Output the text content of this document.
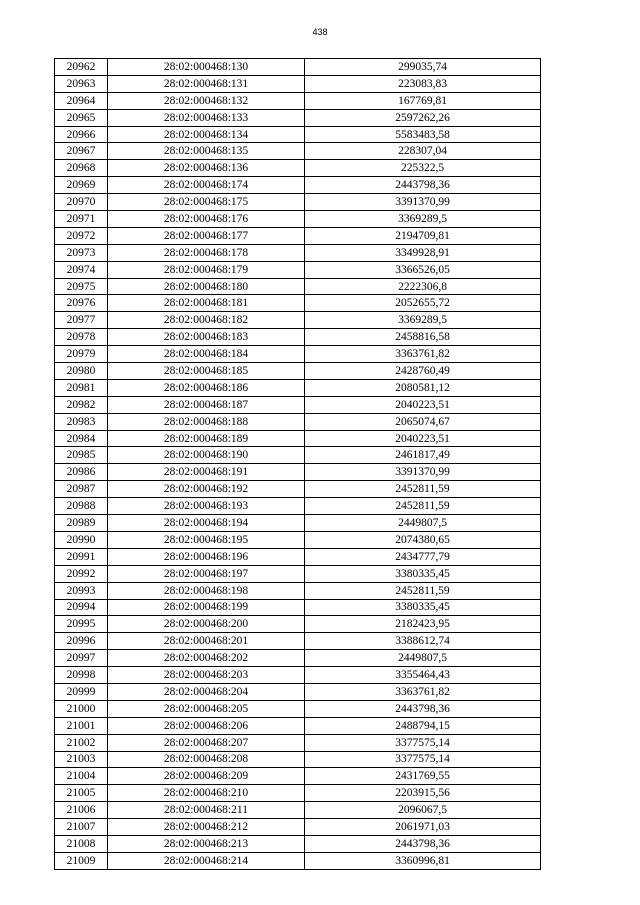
438
20962	28:02:000468:130	299035,74
20963	28:02:000468:131	223083,83
20964	28:02:000468:132	167769,81
20965	28:02:000468:133	2597262,26
20966	28:02:000468:134	5583483,58
20967	28:02:000468:135	228307,04
20968	28:02:000468:136	225322,5
20969	28:02:000468:174	2443798,36
20970	28:02:000468:175	3391370,99
20971	28:02:000468:176	3369289,5
20972	28:02:000468:177	2194709,81
20973	28:02:000468:178	3349928,91
20974	28:02:000468:179	3366526,05
20975	28:02:000468:180	2222306,8
20976	28:02:000468:181	2052655,72
20977	28:02:000468:182	3369289,5
20978	28:02:000468:183	2458816,58
20979	28:02:000468:184	3363761,82
20980	28:02:000468:185	2428760,49
20981	28:02:000468:186	2080581,12
20982	28:02:000468:187	2040223,51
20983	28:02:000468:188	2065074,67
20984	28:02:000468:189	2040223,51
20985	28:02:000468:190	2461817,49
20986	28:02:000468:191	3391370,99
20987	28:02:000468:192	2452811,59
20988	28:02:000468:193	2452811,59
20989	28:02:000468:194	2449807,5
20990	28:02:000468:195	2074380,65
20991	28:02:000468:196	2434777,79
20992	28:02:000468:197	3380335,45
20993	28:02:000468:198	2452811,59
20994	28:02:000468:199	3380335,45
20995	28:02:000468:200	2182423,95
20996	28:02:000468:201	3388612,74
20997	28:02:000468:202	2449807,5
20998	28:02:000468:203	3355464,43
20999	28:02:000468:204	3363761,82
21000	28:02:000468:205	2443798,36
21001	28:02:000468:206	2488794,15
21002	28:02:000468:207	3377575,14
21003	28:02:000468:208	3377575,14
21004	28:02:000468:209	2431769,55
21005	28:02:000468:210	2203915,56
21006	28:02:000468:211	2096067,5
21007	28:02:000468:212	2061971,03
21008	28:02:000468:213	2443798,36
21009	28:02:000468:214	3360996,81
